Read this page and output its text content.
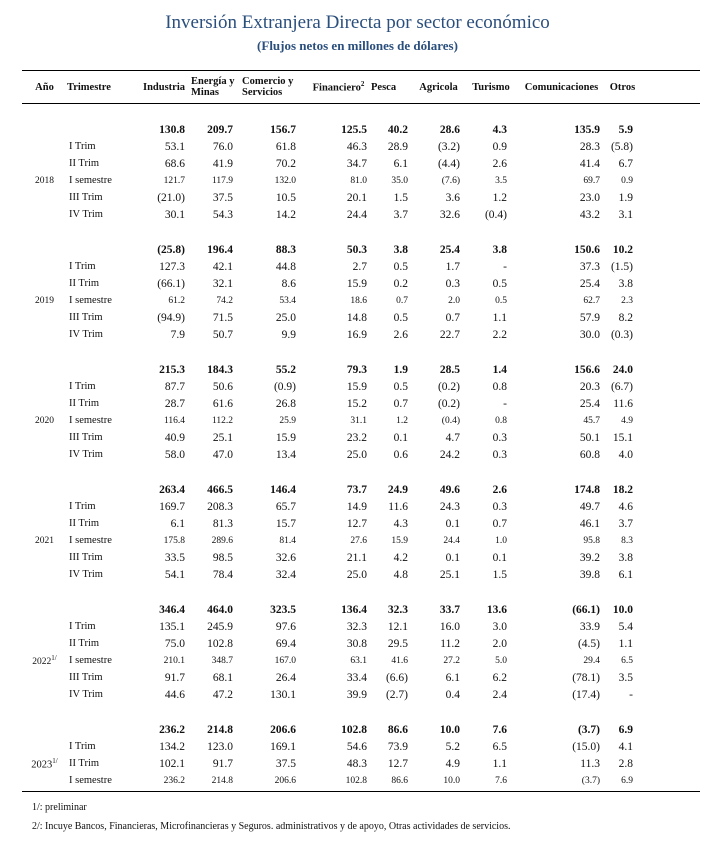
Inversión Extranjera Directa por sector económico
(Flujos netos en millones de dólares)
Año	Trimestre	Industria	Energía y
Minas	Comercio y
Servicios	Financiero$^2$	Pesca	Agricola	Turismo	Comunicaciones	Otros	

		130.8	209.7	156.7	125.5	40.2	28.6	4.3	135.9	5.9	
	I Trim	53.1	76.0	61.8	46.3	28.9	(3.2)	0.9	28.3	(5.8)	
	II Trim	68.6	41.9	70.2	34.7	6.1	(4.4)	2.6	41.4	6.7	
2018	I semestre	121.7	117.9	132.0	81.0	35.0	(7.6)	3.5	69.7	0.9	
	III Trim	(21.0)	37.5	10.5	20.1	1.5	3.6	1.2	23.0	1.9	
	IV Trim	30.1	54.3	14.2	24.4	3.7	32.6	(0.4)	43.2	3.1	

		(25.8)	196.4	88.3	50.3	3.8	25.4	3.8	150.6	10.2	
	I Trim	127.3	42.1	44.8	2.7	0.5	1.7	-	37.3	(1.5)	
	II Trim	(66.1)	32.1	8.6	15.9	0.2	0.3	0.5	25.4	3.8	
2019	I semestre	61.2	74.2	53.4	18.6	0.7	2.0	0.5	62.7	2.3	
	III Trim	(94.9)	71.5	25.0	14.8	0.5	0.7	1.1	57.9	8.2	
	IV Trim	7.9	50.7	9.9	16.9	2.6	22.7	2.2	30.0	(0.3)	

		215.3	184.3	55.2	79.3	1.9	28.5	1.4	156.6	24.0	
	I Trim	87.7	50.6	(0.9)	15.9	0.5	(0.2)	0.8	20.3	(6.7)	
	II Trim	28.7	61.6	26.8	15.2	0.7	(0.2)	-	25.4	11.6	
2020	I semestre	116.4	112.2	25.9	31.1	1.2	(0.4)	0.8	45.7	4.9	
	III Trim	40.9	25.1	15.9	23.2	0.1	4.7	0.3	50.1	15.1	
	IV Trim	58.0	47.0	13.4	25.0	0.6	24.2	0.3	60.8	4.0	

		263.4	466.5	146.4	73.7	24.9	49.6	2.6	174.8	18.2	
	I Trim	169.7	208.3	65.7	14.9	11.6	24.3	0.3	49.7	4.6	
	II Trim	6.1	81.3	15.7	12.7	4.3	0.1	0.7	46.1	3.7	
2021	I semestre	175.8	289.6	81.4	27.6	15.9	24.4	1.0	95.8	8.3	
	III Trim	33.5	98.5	32.6	21.1	4.2	0.1	0.1	39.2	3.8	
	IV Trim	54.1	78.4	32.4	25.0	4.8	25.1	1.5	39.8	6.1	

		346.4	464.0	323.5	136.4	32.3	33.7	13.6	(66.1)	10.0	
	I Trim	135.1	245.9	97.6	32.3	12.1	16.0	3.0	33.9	5.4	
	II Trim	75.0	102.8	69.4	30.8	29.5	11.2	2.0	(4.5)	1.1	
$2022^{1/}$	I semestre	210.1	348.7	167.0	63.1	41.6	27.2	5.0	29.4	6.5	
	III Trim	91.7	68.1	26.4	33.4	(6.6)	6.1	6.2	(78.1)	3.5	
	IV Trim	44.6	47.2	130.1	39.9	(2.7)	0.4	2.4	(17.4)	-	

		236.2	214.8	206.6	102.8	86.6	10.0	7.6	(3.7)	6.9	
	I Trim	134.2	123.0	169.1	54.6	73.9	5.2	6.5	(15.0)	4.1	
$2023^{1/}$	II Trim	102.1	91.7	37.5	48.3	12.7	4.9	1.1	11.3	2.8	
	I semestre	236.2	214.8	206.6	102.8	86.6	10.0	7.6	(3.7)	6.9	
1/: preliminar
2/: Incuye Bancos, Financieras, Microfinancieras y Seguros. administrativos y de apoyo, Otras actividades de servicios.
